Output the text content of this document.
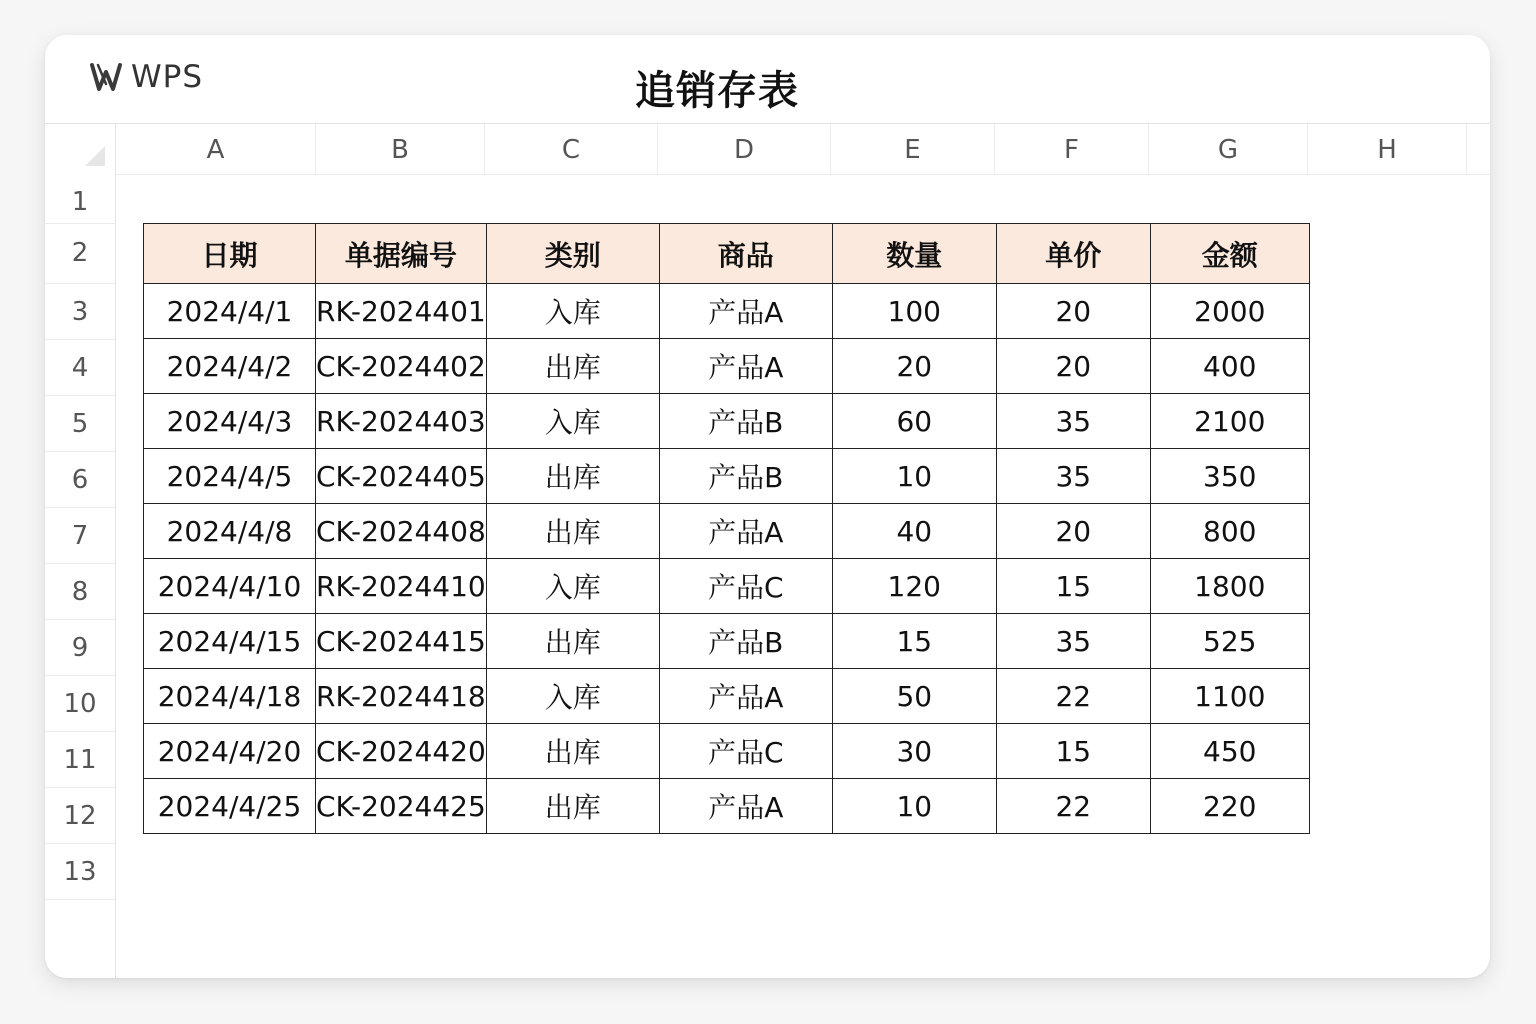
WPS	追销存表
A	B	C	D	E	F	G	H
1
2
3
4
5
6
7
8
9
10
11
12
13
日期	单据编号	类别	商品	数量	单价	金额
2024/4/1	RK-2024401	入库	产品A	100	20	2000
2024/4/2	CK-2024402	出库	产品A	20	20	400
2024/4/3	RK-2024403	入库	产品B	60	35	2100
2024/4/5	CK-2024405	出库	产品B	10	35	350
2024/4/8	CK-2024408	出库	产品A	40	20	800
2024/4/10	RK-2024410	入库	产品C	120	15	1800
2024/4/15	CK-2024415	出库	产品B	15	35	525
2024/4/18	RK-2024418	入库	产品A	50	22	1100
2024/4/20	CK-2024420	出库	产品C	30	15	450
2024/4/25	CK-2024425	出库	产品A	10	22	220
